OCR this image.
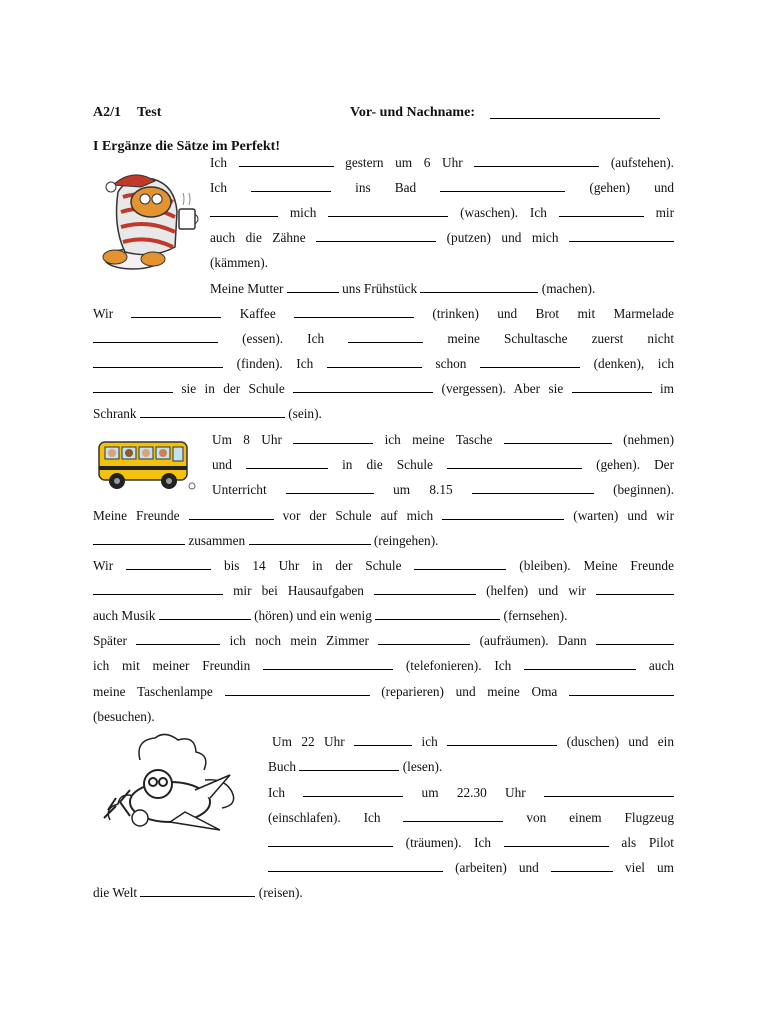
A2/1 Test	Vor- und Nachname:
I Ergänze die Sätze im Perfekt!
Ich	gestern um 6 Uhr	(aufstehen).
Ich	ins Bad	(gehen) und
mich	(waschen). Ich	mir
auch die Zähne	(putzen) und mich
(kämmen).
Meine Mutter	uns Frühstück	(machen).
Wir	Kaffee	(trinken) und Brot mit Marmelade
(essen). Ich	meine Schultasche zuerst nicht
(finden). Ich	schon	(denken), ich
sie in der Schule	(vergessen). Aber sie	im
Schrank	(sein).
Um 8 Uhr	ich meine Tasche	(nehmen)
und	in die Schule	(gehen). Der
Unterricht	um 8.15	(beginnen).
Meine Freunde	vor der Schule auf mich	(warten) und wir
zusammen	(reingehen).
Wir	bis 14 Uhr in der Schule	(bleiben). Meine Freunde
mir bei Hausaufgaben	(helfen) und wir
auch Musik	(hören) und ein wenig	(fernsehen).
Später	ich noch mein Zimmer	(aufräumen). Dann
ich mit meiner Freundin	(telefonieren). Ich	auch
meine Taschenlampe	(reparieren) und meine Oma
(besuchen).
Um 22 Uhr	ich	(duschen) und ein
Buch	(lesen).
Ich	um 22.30 Uhr
(einschlafen). Ich	von einem Flugzeug
(träumen). Ich	als Pilot
(arbeiten) und	viel um
die Welt	(reisen).
